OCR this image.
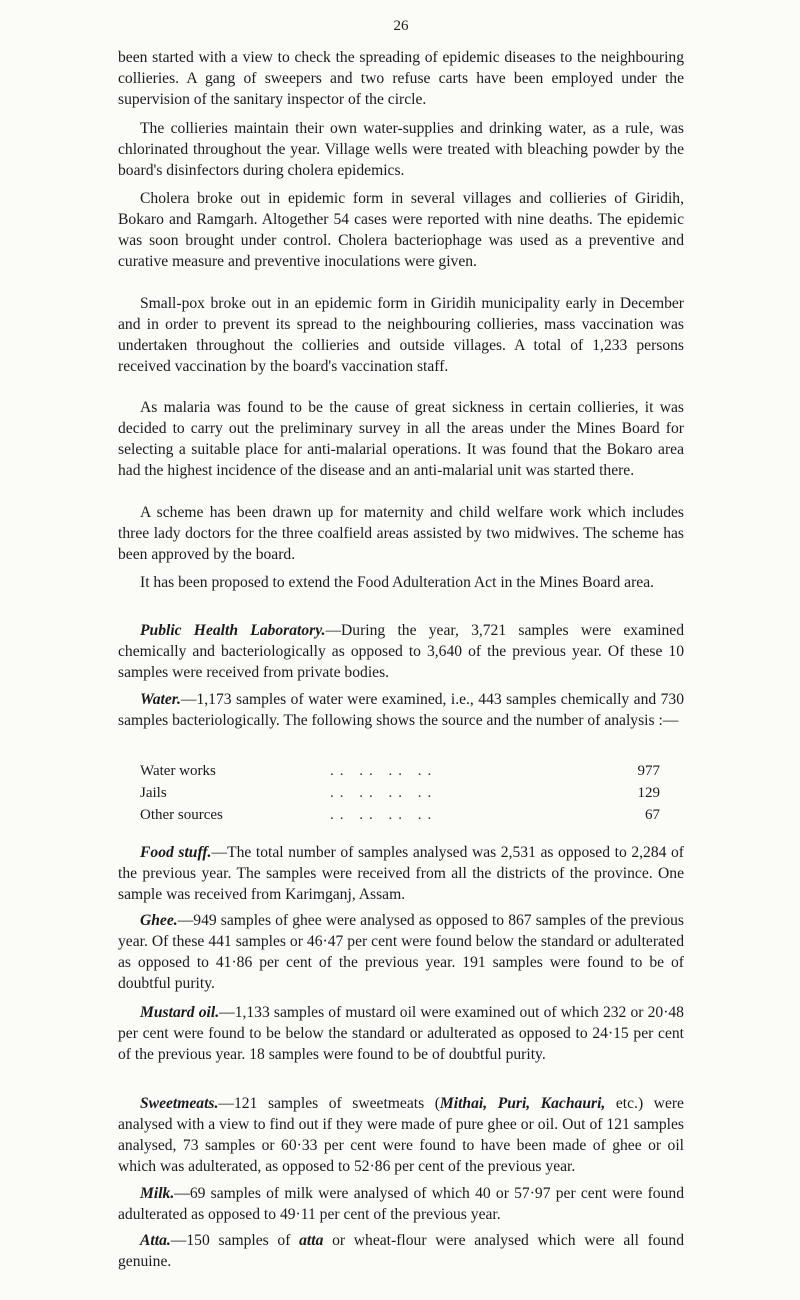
26

been started with a view to check the spreading of epidemic diseases to the neighbouring collieries. A gang of sweepers and two refuse carts have been employed under the supervision of the sanitary inspector of the circle.

The collieries maintain their own water-supplies and drinking water, as a rule, was chlorinated throughout the year. Village wells were treated with bleaching powder by the board's disinfectors during cholera epidemics.

Cholera broke out in epidemic form in several villages and collieries of Giridih, Bokaro and Ramgarh. Altogether 54 cases were reported with nine deaths. The epidemic was soon brought under control. Cholera bacteriophage was used as a preventive and curative measure and preventive inoculations were given.

Small-pox broke out in an epidemic form in Giridih municipality early in December and in order to prevent its spread to the neighbouring collieries, mass vaccination was undertaken throughout the collieries and outside villages. A total of 1,233 persons received vaccination by the board's vaccination staff.

As malaria was found to be the cause of great sickness in certain collieries, it was decided to carry out the preliminary survey in all the areas under the Mines Board for selecting a suitable place for anti-malarial operations. It was found that the Bokaro area had the highest incidence of the disease and an anti-malarial unit was started there.

A scheme has been drawn up for maternity and child welfare work which includes three lady doctors for the three coalfield areas assisted by two midwives. The scheme has been approved by the board.

It has been proposed to extend the Food Adulteration Act in the Mines Board area.

Public Health Laboratory.—During the year, 3,721 samples were examined chemically and bacteriologically as opposed to 3,640 of the previous year. Of these 10 samples were received from private bodies.

Water.—1,173 samples of water were examined, i.e., 443 samples chemically and 730 samples bacteriologically. The following shows the source and the number of analysis :—

Water works	.. .. .. ..	977
Jails	.. .. .. ..	129
Other sources	.. .. .. ..	67

Food stuff.—The total number of samples analysed was 2,531 as opposed to 2,284 of the previous year. The samples were received from all the districts of the province. One sample was received from Karimganj, Assam.

Ghee.—949 samples of ghee were analysed as opposed to 867 samples of the previous year. Of these 441 samples or 46·47 per cent were found below the standard or adulterated as opposed to 41·86 per cent of the previous year. 191 samples were found to be of doubtful purity.

Mustard oil.—1,133 samples of mustard oil were examined out of which 232 or 20·48 per cent were found to be below the standard or adulterated as opposed to 24·15 per cent of the previous year. 18 samples were found to be of doubtful purity.

Sweetmeats.—121 samples of sweetmeats (Mithai, Puri, Kachauri, etc.) were analysed with a view to find out if they were made of pure ghee or oil. Out of 121 samples analysed, 73 samples or 60·33 per cent were found to have been made of ghee or oil which was adulterated, as opposed to 52·86 per cent of the previous year.

Milk.—69 samples of milk were analysed of which 40 or 57·97 per cent were found adulterated as opposed to 49·11 per cent of the previous year.

Atta.—150 samples of atta or wheat-flour were analysed which were all found genuine.
